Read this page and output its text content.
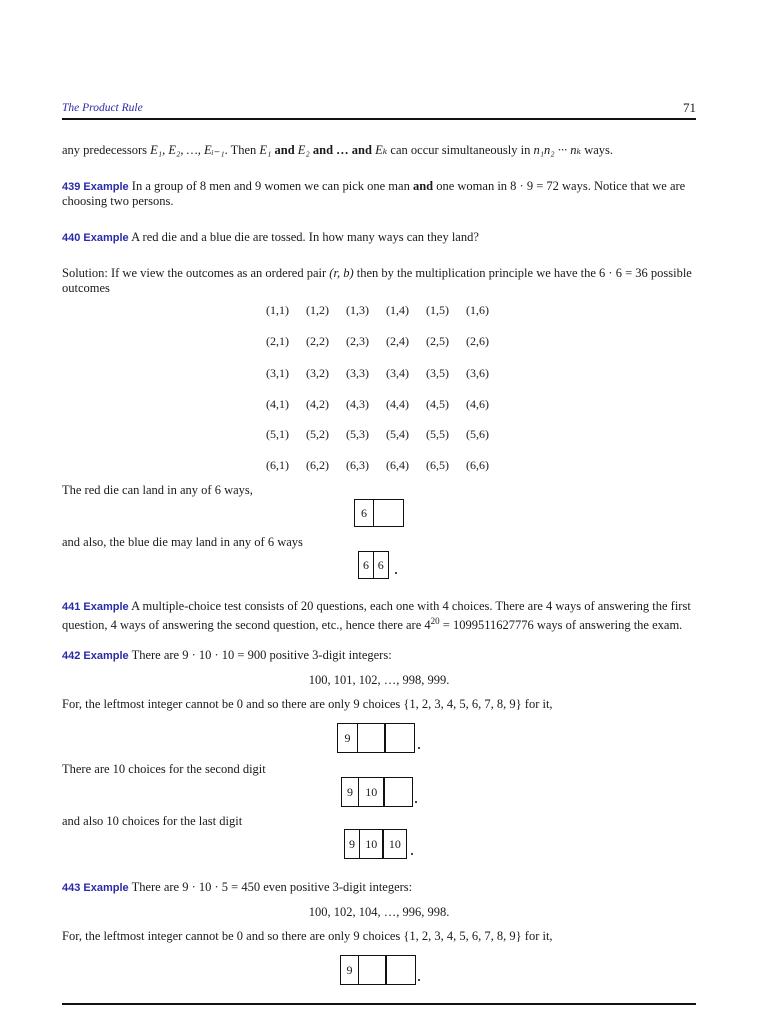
The Product Rule	71
any predecessors E₁, E₂, …, Eᵢ₋₁. Then E₁ and E₂ and … and Eₖ can occur simultaneously in n₁n₂ ··· nₖ ways.
439 Example In a group of 8 men and 9 women we can pick one man and one woman in 8 · 9 = 72 ways. Notice that we are
choosing two persons.
440 Example A red die and a blue die are tossed. In how many ways can they land?
Solution: If we view the outcomes as an ordered pair (r, b) then by the multiplication principle we have the 6 · 6 = 36 possible
outcomes
(1,1) (1,2) (1,3) (1,4) (1,5) (1,6)
(2,1) (2,2) (2,3) (2,4) (2,5) (2,6)
(3,1) (3,2) (3,3) (3,4) (3,5) (3,6)
(4,1) (4,2) (4,3) (4,4) (4,5) (4,6)
(5,1) (5,2) (5,3) (5,4) (5,5) (5,6)
(6,1) (6,2) (6,3) (6,4) (6,5) (6,6)
The red die can land in any of 6 ways,
6
and also, the blue die may land in any of 6 ways
6 6
441 Example A multiple-choice test consists of 20 questions, each one with 4 choices. There are 4 ways of answering the first
question, 4 ways of answering the second question, etc., hence there are $4^{20} = 1099511627776$ ways of answering the exam.
442 Example There are 9 · 10 · 10 = 900 positive 3-digit integers:
100, 101, 102, …, 998, 999.
For, the leftmost integer cannot be 0 and so there are only 9 choices {1, 2, 3, 4, 5, 6, 7, 8, 9} for it,
9
There are 10 choices for the second digit
9	10
and also 10 choices for the last digit
9 10 10
443 Example There are 9 · 10 · 5 = 450 even positive 3-digit integers:
100, 102, 104, …, 996, 998.
For, the leftmost integer cannot be 0 and so there are only 9 choices {1, 2, 3, 4, 5, 6, 7, 8, 9} for it,
9
